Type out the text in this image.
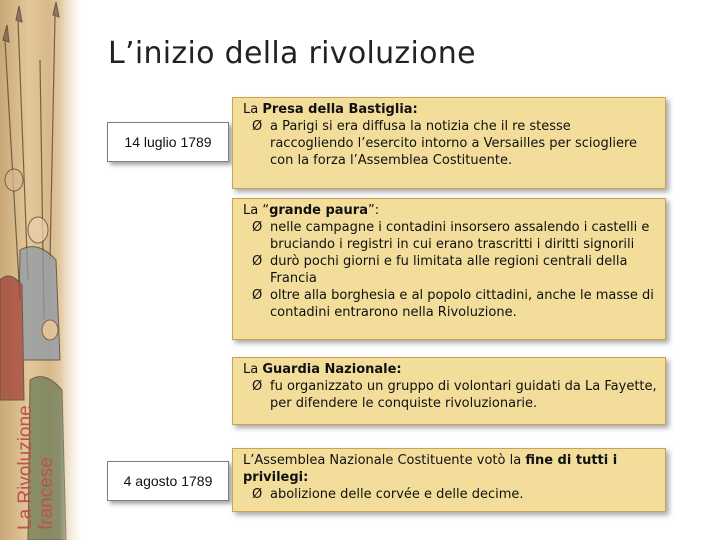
La Rivoluzione francese
L’inizio della rivoluzione
14 luglio 1789
4 agosto 1789
La Presa della Bastiglia:
Ø a Parigi si era diffusa la notizia che il re stesse raccogliendo l’esercito intorno a Versailles per sciogliere con la forza l’Assemblea Costituente.
La “grande paura”:
Ø nelle campagne i contadini insorsero assalendo i castelli e bruciando i registri in cui erano trascritti i diritti signorili
Ø durò pochi giorni e fu limitata alle regioni centrali della Francia
Ø oltre alla borghesia e al popolo cittadini, anche le masse di contadini entrarono nella Rivoluzione.
La Guardia Nazionale:
Ø fu organizzato un gruppo di volontari guidati da La Fayette, per difendere le conquiste rivoluzionarie.
L’Assemblea Nazionale Costituente votò la fine di tutti i privilegi:
Ø abolizione delle corvée e delle decime.
